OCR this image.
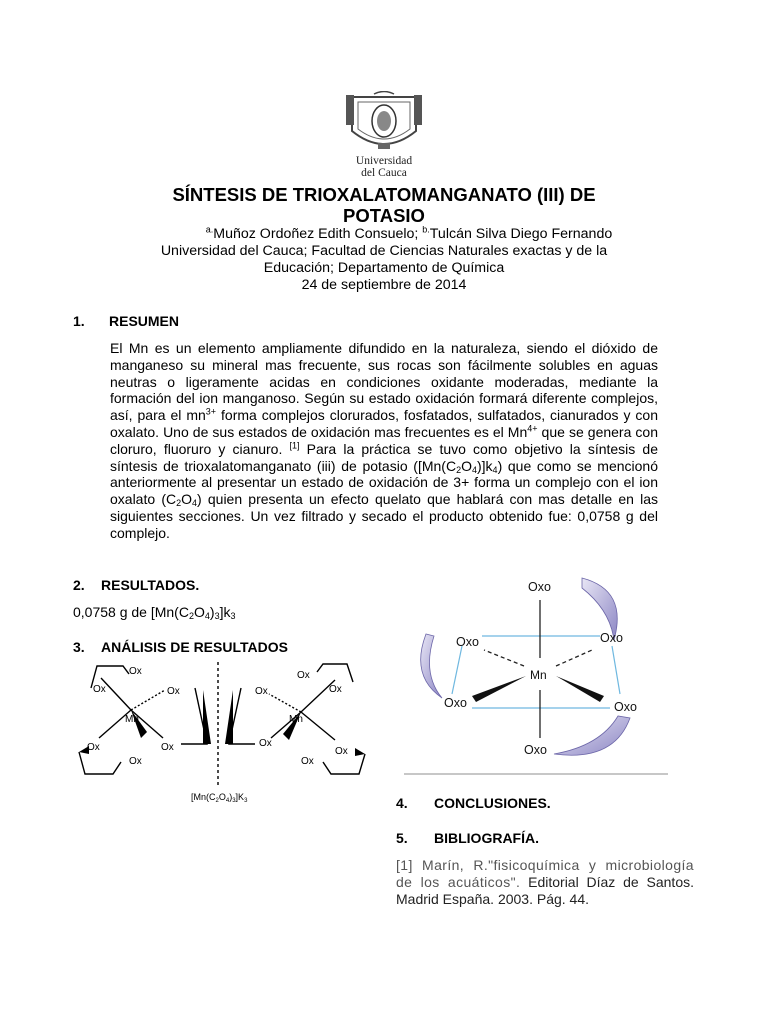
Universidad
del Cauca
SÍNTESIS DE TRIOXALATOMANGANATO (III) DE
POTASIO
$^{a.}$Muñoz Ordoñez Edith Consuelo; $^{b.}$Tulcán Silva Diego Fernando
Universidad del Cauca; Facultad de Ciencias Naturales exactas y de la
Educación; Departamento de Química
24 de septiembre de 2014
1. RESUMEN
El Mn es un elemento ampliamente difundido en la naturaleza, siendo el dióxido de manganeso su mineral mas frecuente, sus rocas son fácilmente solubles en aguas neutras o ligeramente acidas en condiciones oxidante moderadas, mediante la formación del ion manganoso. Según su estado oxidación formará diferente complejos, así, para el $mn^{3+}$ forma complejos clorurados, fosfatados, sulfatados, cianurados y con oxalato. Uno de sus estados de oxidación mas frecuentes es el $Mn^{4+}$ que se genera con cloruro, fluoruro y cianuro. [1] Para la práctica se tuvo como objetivo la síntesis de síntesis de trioxalatomanganato (iii) de potasio $([Mn(C_2O_4)]k_4)$ que como se mencionó anteriormente al presentar un estado de oxidación de 3+ forma un complejo con el ion oxalato $(C_2O_4)$ quien presenta un efecto quelato que hablará con mas detalle en las siguientes secciones. Un vez filtrado y secado el producto obtenido fue: 0,0758 g del complejo.
2. RESULTADOS.
0,0758 g de $[Mn(C_2O_4)_3]k_3$
3. ANÁLISIS DE RESULTADOS
Ox	Ox
Ox	Ox
Ox
Ox
Mn
Ox
Ox
Ox
Ox
Ox
Ox
Mn
$[Mn(C_2O_4)_3]K_3$
Oxo
Oxo	Oxo
Oxo	Oxo
Oxo
Mn
4. CONCLUSIONES.
5. BIBLIOGRAFÍA.
[1] Marín, R."fisicoquímica y microbiología de los acuáticos". Editorial Díaz de Santos. Madrid España. 2003. Pág. 44.
